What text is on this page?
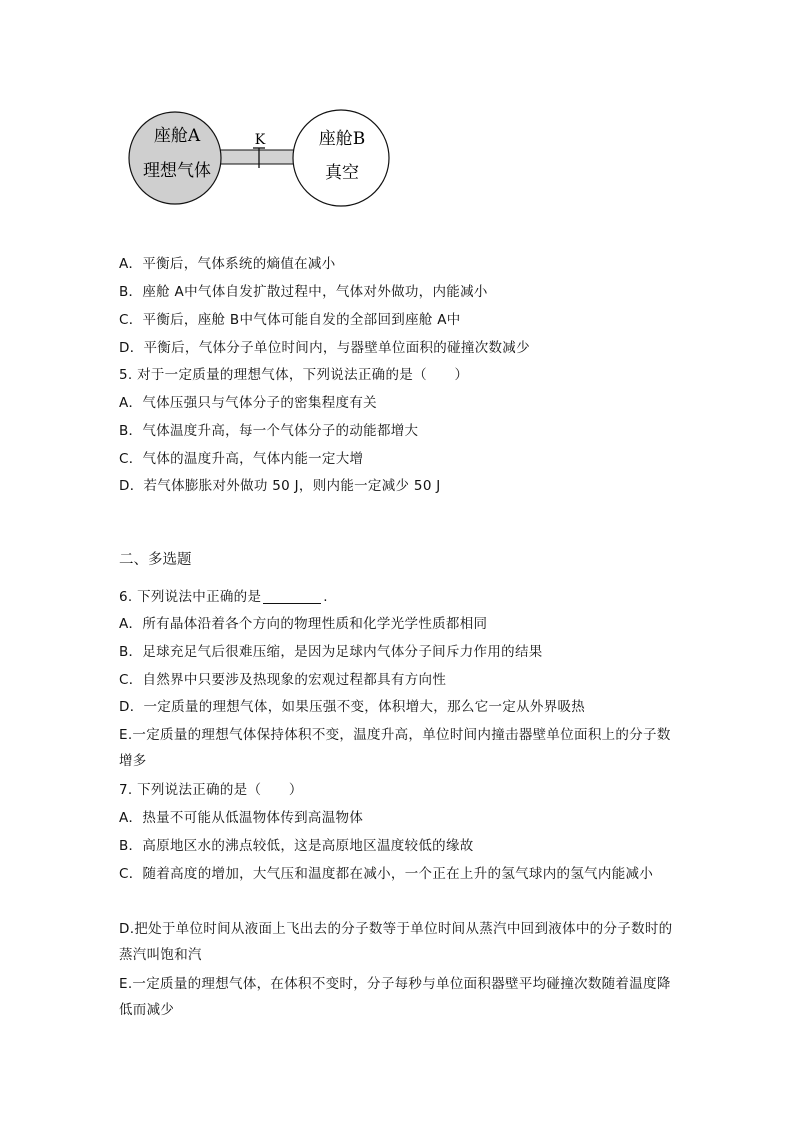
座舱A
理想气体
座舱B
真空
K
A．平衡后，气体系统的熵值在减小
B．座舱 A中气体自发扩散过程中，气体对外做功，内能减小
C．平衡后，座舱 B中气体可能自发的全部回到座舱 A中
D．平衡后，气体分子单位时间内，与器壁单位面积的碰撞次数减少
5. 对于一定质量的理想气体，下列说法正确的是（　　）
A．气体压强只与气体分子的密集程度有关
B．气体温度升高，每一个气体分子的动能都增大
C．气体的温度升高，气体内能一定大增
D．若气体膨胀对外做功 50 J，则内能一定减少 50 J
二、多选题
6. 下列说法中正确的是	.
A．所有晶体沿着各个方向的物理性质和化学光学性质都相同
B．足球充足气后很难压缩，是因为足球内气体分子间斥力作用的结果
C．自然界中只要涉及热现象的宏观过程都具有方向性
D．一定质量的理想气体，如果压强不变，体积增大，那么它一定从外界吸热
E.一定质量的理想气体保持体积不变，温度升高，单位时间内撞击器壁单位面积上的分子数增多
7. 下列说法正确的是（　　）
A．热量不可能从低温物体传到高温物体
B．高原地区水的沸点较低，这是高原地区温度较低的缘故
C．随着高度的增加，大气压和温度都在减小，一个正在上升的氢气球内的氢气内能减小
D.把处于单位时间从液面上飞出去的分子数等于单位时间从蒸汽中回到液体中的分子数时的蒸汽叫饱和汽
E.一定质量的理想气体，在体积不变时，分子每秒与单位面积器壁平均碰撞次数随着温度降低而减少
